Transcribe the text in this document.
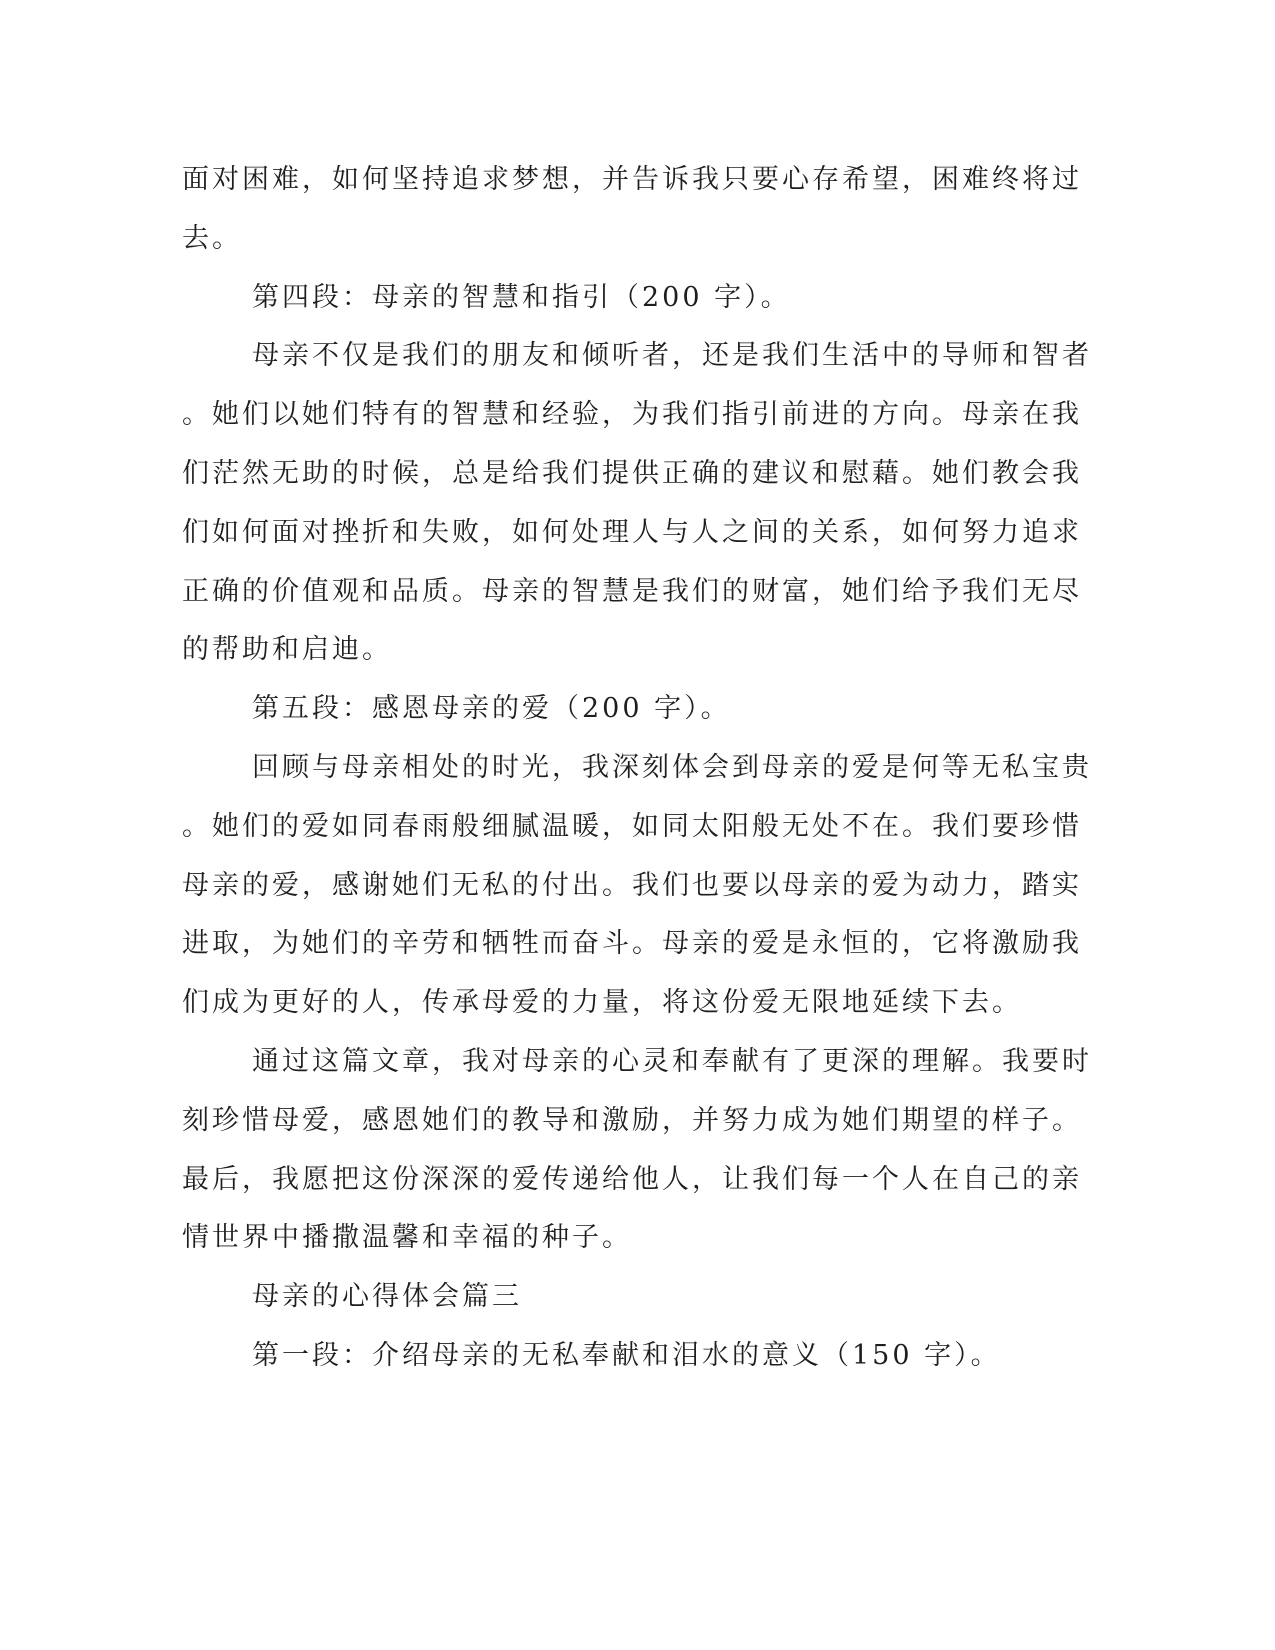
面对困难，如何坚持追求梦想，并告诉我只要心存希望，困难终将过

去。

第四段：母亲的智慧和指引（200 字）。

母亲不仅是我们的朋友和倾听者，还是我们生活中的导师和智者

。她们以她们特有的智慧和经验，为我们指引前进的方向。母亲在我

们茫然无助的时候，总是给我们提供正确的建议和慰藉。她们教会我

们如何面对挫折和失败，如何处理人与人之间的关系，如何努力追求

正确的价值观和品质。母亲的智慧是我们的财富，她们给予我们无尽

的帮助和启迪。

第五段：感恩母亲的爱（200 字）。

回顾与母亲相处的时光，我深刻体会到母亲的爱是何等无私宝贵

。她们的爱如同春雨般细腻温暖，如同太阳般无处不在。我们要珍惜

母亲的爱，感谢她们无私的付出。我们也要以母亲的爱为动力，踏实

进取，为她们的辛劳和牺牲而奋斗。母亲的爱是永恒的，它将激励我

们成为更好的人，传承母爱的力量，将这份爱无限地延续下去。

通过这篇文章，我对母亲的心灵和奉献有了更深的理解。我要时

刻珍惜母爱，感恩她们的教导和激励，并努力成为她们期望的样子。

最后，我愿把这份深深的爱传递给他人，让我们每一个人在自己的亲

情世界中播撒温馨和幸福的种子。

母亲的心得体会篇三

第一段：介绍母亲的无私奉献和泪水的意义（150 字）。
